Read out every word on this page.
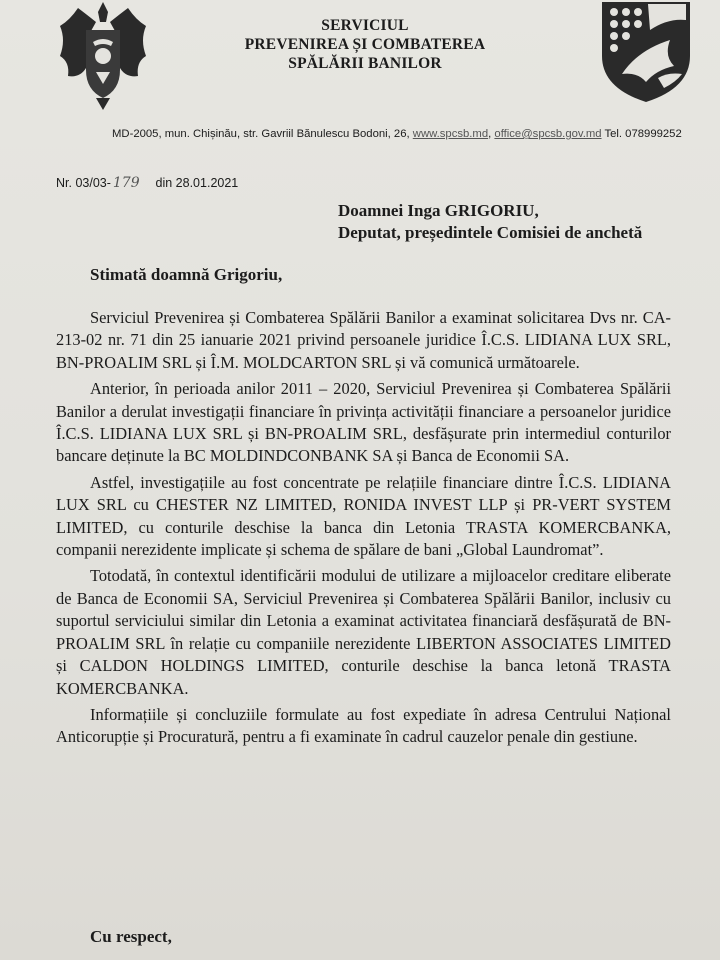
SERVICIUL
PREVENIREA ȘI COMBATEREA
SPĂLĂRII BANILOR
MD-2005, mun. Chișinău, str. Gavriil Bănulescu Bodoni, 26, www.spcsb.md, office@spcsb.gov.md Tel. 078999252
Nr. 03/03- 179 din 28.01.2021
Doamnei Inga GRIGORIU,
Deputat, președintele Comisiei de anchetă
Stimată doamnă Grigoriu,

Serviciul Prevenirea și Combaterea Spălării Banilor a examinat solicitarea Dvs nr. CA-213-02 nr. 71 din 25 ianuarie 2021 privind persoanele juridice Î.C.S. LIDIANA LUX SRL, BN-PROALIM SRL și Î.M. MOLDCARTON SRL și vă comunică următoarele.

Anterior, în perioada anilor 2011 – 2020, Serviciul Prevenirea și Combaterea Spălării Banilor a derulat investigații financiare în privința activității financiare a persoanelor juridice Î.C.S. LIDIANA LUX SRL și BN-PROALIM SRL, desfășurate prin intermediul conturilor bancare deținute la BC MOLDINDCONBANK SA și Banca de Economii SA.

Astfel, investigațiile au fost concentrate pe relațiile financiare dintre Î.C.S. LIDIANA LUX SRL cu CHESTER NZ LIMITED, RONIDA INVEST LLP și PR-VERT SYSTEM LIMITED, cu conturile deschise la banca din Letonia TRASTA KOMERCBANKA, companii nerezidente implicate și schema de spălare de bani „Global Laundromat”.

Totodată, în contextul identificării modului de utilizare a mijloacelor creditare eliberate de Banca de Economii SA, Serviciul Prevenirea și Combaterea Spălării Banilor, inclusiv cu suportul serviciului similar din Letonia a examinat activitatea financiară desfășurată de BN-PROALIM SRL în relație cu companiile nerezidente LIBERTON ASSOCIATES LIMITED și CALDON HOLDINGS LIMITED, conturile deschise la banca letonă TRASTA KOMERCBANKA.

Informațiile și concluziile formulate au fost expediate în adresa Centrului Național Anticorupție și Procuratură, pentru a fi examinate în cadrul cauzelor penale din gestiune.

Cu respect,
